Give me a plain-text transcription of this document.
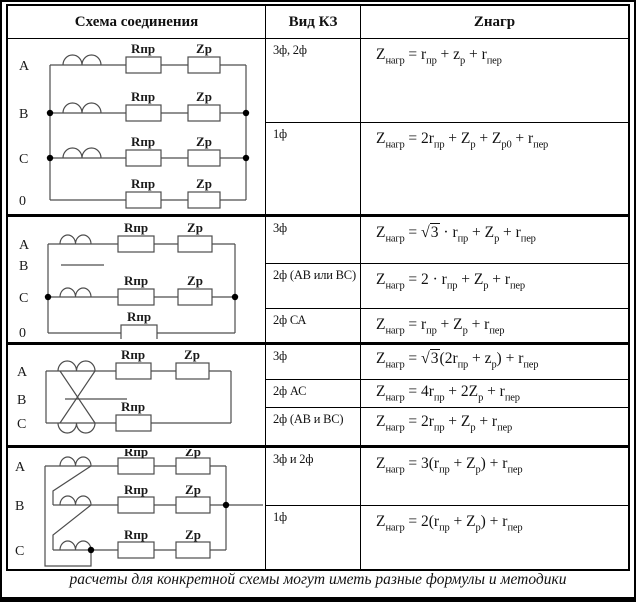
Схема соединения	Вид КЗ	Zнагр
A
B
C
0
Rпр	Zр
Rпр	Zр
Rпр	Zр
Rпр	Zр
3ф, 2ф	$Z_{нагр} = r_{пр} + z_р + r_{пер}$
1ф	$Z_{нагр} = 2r_{пр} + Z_р + Z_{р0} + r_{пер}$
A
B
C
0
Rпр	Zр
Rпр	Zр
Rпр
3ф	$Z_{нагр} = √3 \cdot r_{пр} + Z_р + r_{пер}$
2ф (АВ или ВС)	$Z_{нагр} = 2 \cdot r_{пр} + Z_р + r_{пер}$
2ф СА	$Z_{нагр} = r_{пр} + Z_р + r_{пер}$
A
B
C
Rпр	Zр
Rпр
3ф	$Z_{нагр} = √3(2r_{пр} + z_р) + r_{пер}$
2ф АС	$Z_{нагр} = 4r_{пр} + 2Z_р + r_{пер}$
2ф (АВ и ВС)	$Z_{нагр} = 2r_{пр} + Z_р + r_{пер}$
A
B
C
Rпр	Zр
Rпр	Zр
Rпр	Zр
3ф и 2ф	$Z_{нагр} = 3(r_{пр} + Z_р) + r_{пер}$
1ф	$Z_{нагр} = 2(r_{пр} + Z_р) + r_{пер}$
расчеты для конкретной схемы могут иметь разные формулы и методики
